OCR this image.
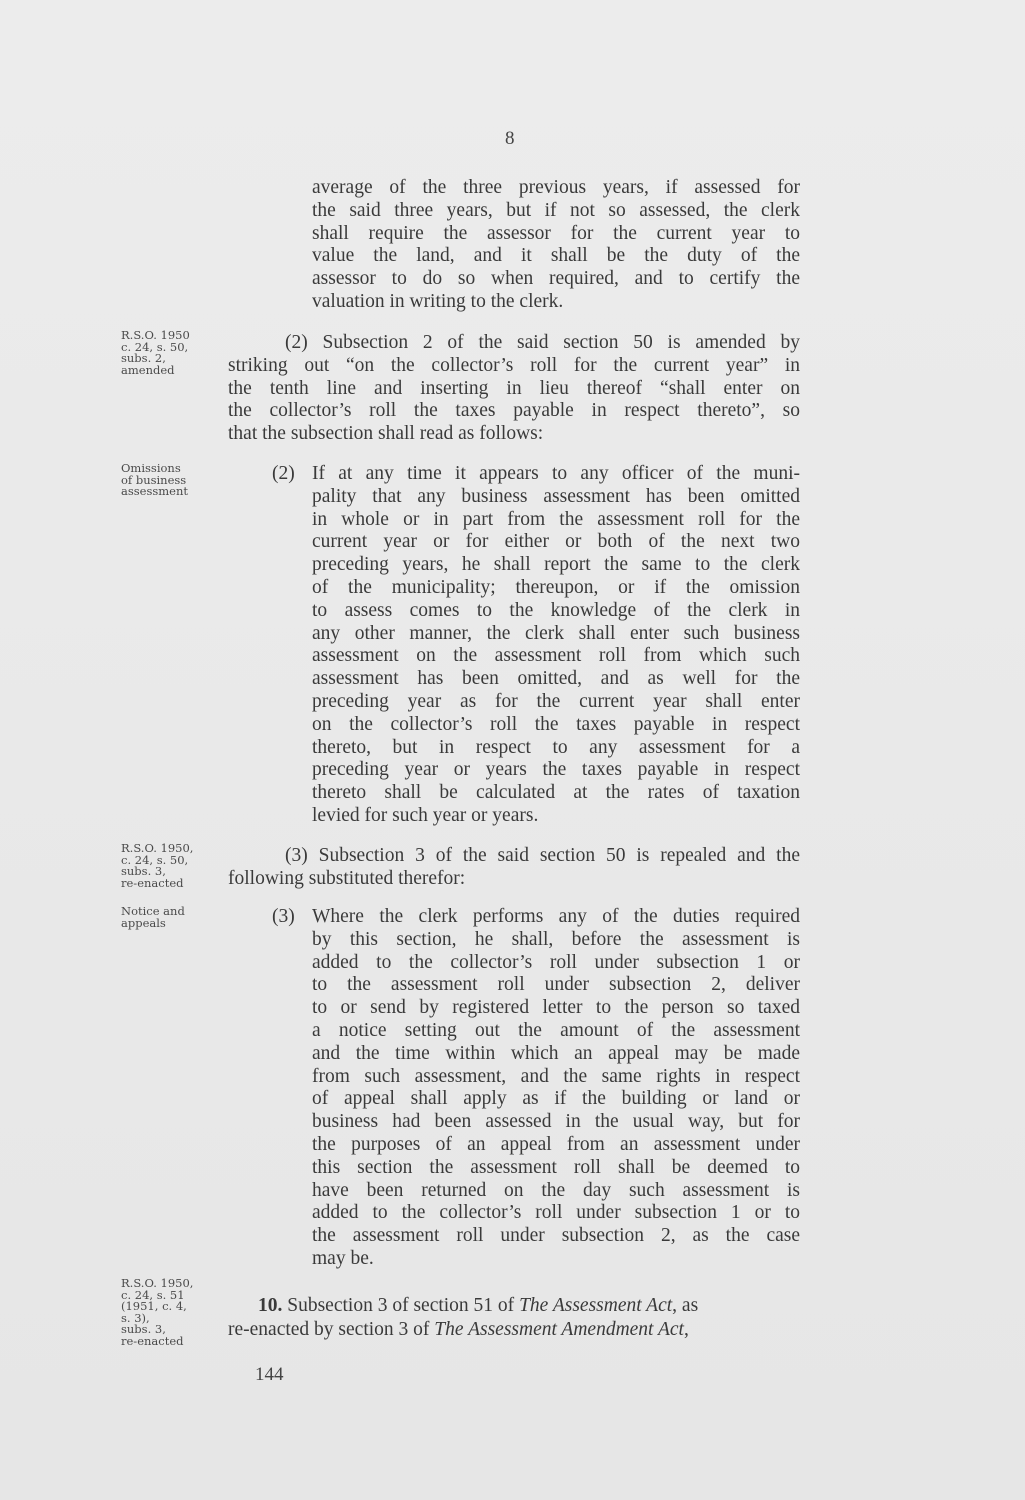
8
average of the three previous years, if assessed for
the said three years, but if not so assessed, the clerk
shall require the assessor for the current year to
value the land, and it shall be the duty of the
assessor to do so when required, and to certify the
valuation in writing to the clerk.
(2) Subsection 2 of the said section 50 is amended by
striking out “on the collector’s roll for the current year” in
the tenth line and inserting in lieu thereof “shall enter on
the collector’s roll the taxes payable in respect thereto”, so
that the subsection shall read as follows:
If at any time it appears to any officer of the muni-
pality that any business assessment has been omitted
in whole or in part from the assessment roll for the
current year or for either or both of the next two
preceding years, he shall report the same to the clerk
of the municipality; thereupon, or if the omission
to assess comes to the knowledge of the clerk in
any other manner, the clerk shall enter such business
assessment on the assessment roll from which such
assessment has been omitted, and as well for the
preceding year as for the current year shall enter
on the collector’s roll the taxes payable in respect
thereto, but in respect to any assessment for a
preceding year or years the taxes payable in respect
thereto shall be calculated at the rates of taxation
levied for such year or years.
(3) Subsection 3 of the said section 50 is repealed and the
following substituted therefor:
Where the clerk performs any of the duties required
by this section, he shall, before the assessment is
added to the collector’s roll under subsection 1 or
to the assessment roll under subsection 2, deliver
to or send by registered letter to the person so taxed
a notice setting out the amount of the assessment
and the time within which an appeal may be made
from such assessment, and the same rights in respect
of appeal shall apply as if the building or land or
business had been assessed in the usual way, but for
the purposes of an appeal from an assessment under
this section the assessment roll shall be deemed to
have been returned on the day such assessment is
added to the collector’s roll under subsection 1 or to
the assessment roll under subsection 2, as the case
may be.
(2)
(3)
10. Subsection 3 of section 51 of The Assessment Act, as
re-enacted by section 3 of The Assessment Amendment Act,
144
R.S.O. 1950
c. 24, s. 50,
subs. 2,
amended
Omissions
of business
assessment
R.S.O. 1950,
c. 24, s. 50,
subs. 3,
re-enacted
Notice and
appeals
R.S.O. 1950,
c. 24, s. 51
(1951, c. 4,
s. 3),
subs. 3,
re-enacted
